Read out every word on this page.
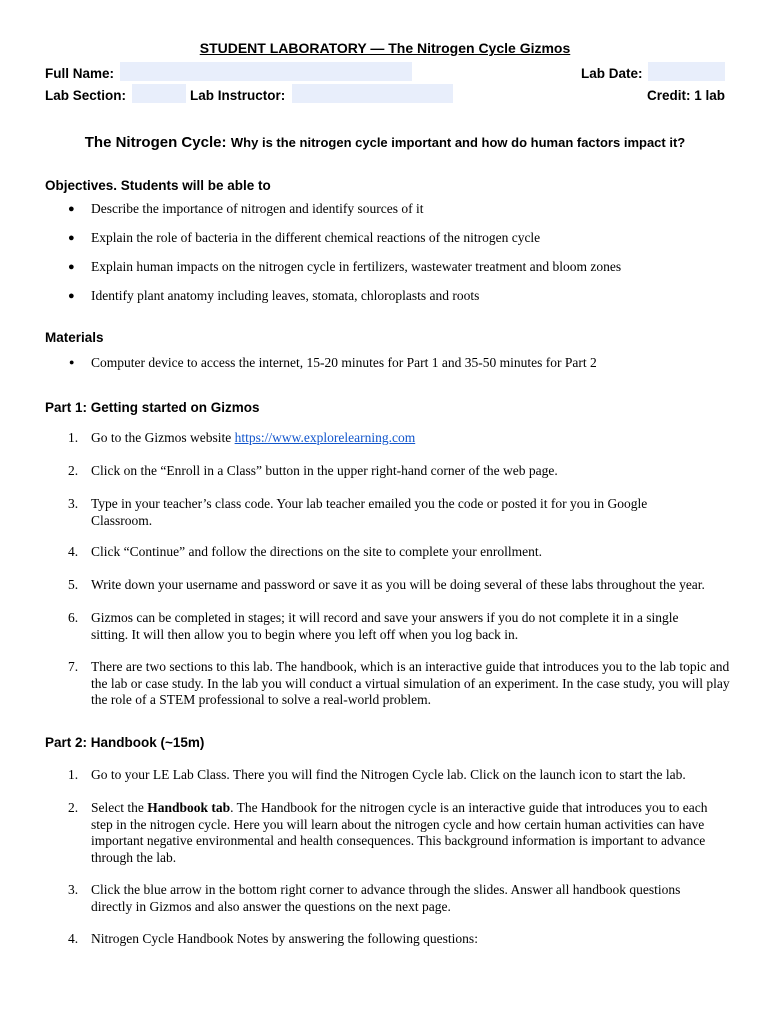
STUDENT LABORATORY — The Nitrogen Cycle Gizmos
Full Name:	Lab Date:
Lab Section:	Lab Instructor:	Credit: 1 lab
The Nitrogen Cycle: Why is the nitrogen cycle important and how do human factors impact it?
Objectives. Students will be able to
● Describe the importance of nitrogen and identify sources of it
● Explain the role of bacteria in the different chemical reactions of the nitrogen cycle
● Explain human impacts on the nitrogen cycle in fertilizers, wastewater treatment and bloom zones
● Identify plant anatomy including leaves, stomata, chloroplasts and roots
Materials
● Computer device to access the internet, 15-20 minutes for Part 1 and 35-50 minutes for Part 2
Part 1: Getting started on Gizmos
1. Go to the Gizmos website https://www.explorelearning.com
2. Click on the “Enroll in a Class” button in the upper right-hand corner of the web page.
3. Type in your teacher’s class code. Your lab teacher emailed you the code or posted it for you in Google Classroom.
4. Click “Continue” and follow the directions on the site to complete your enrollment.
5. Write down your username and password or save it as you will be doing several of these labs throughout the year.
6. Gizmos can be completed in stages; it will record and save your answers if you do not complete it in a single sitting. It will then allow you to begin where you left off when you log back in.
7. There are two sections to this lab. The handbook, which is an interactive guide that introduces you to the lab topic and the lab or case study. In the lab you will conduct a virtual simulation of an experiment. In the case study, you will play the role of a STEM professional to solve a real-world problem.
Part 2: Handbook (~15m)
1. Go to your LE Lab Class. There you will find the Nitrogen Cycle lab. Click on the launch icon to start the lab.
2. Select the Handbook tab. The Handbook for the nitrogen cycle is an interactive guide that introduces you to each step in the nitrogen cycle. Here you will learn about the nitrogen cycle and how certain human activities can have important negative environmental and health consequences. This background information is important to advance through the lab.
3. Click the blue arrow in the bottom right corner to advance through the slides. Answer all handbook questions directly in Gizmos and also answer the questions on the next page.
4. Nitrogen Cycle Handbook Notes by answering the following questions:
